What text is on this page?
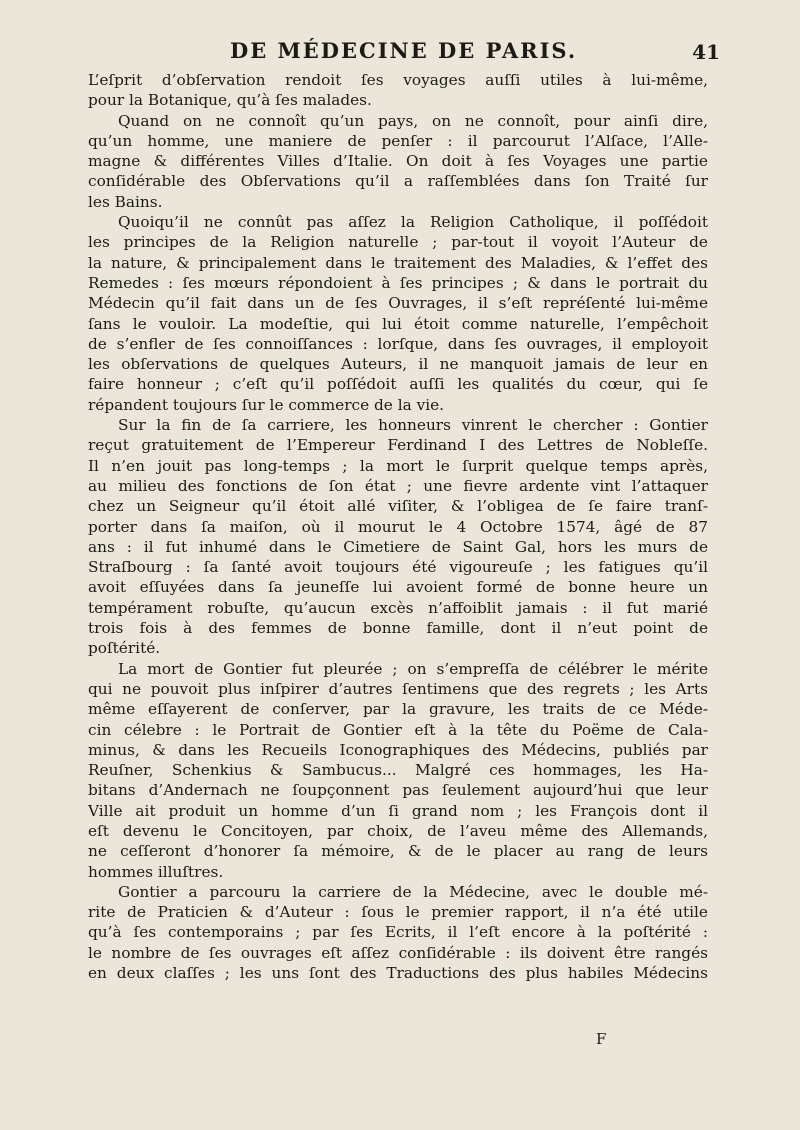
DE MÉDECINE DE PARIS.	41
L’eſprit d’obſervation rendoit ſes voyages auſſi utiles à lui-même,
pour la Botanique, qu’à ſes malades.
Quand on ne connoît qu’un pays, on ne connoît, pour ainſi dire,
qu’un homme, une maniere de penſer : il parcourut l’Alſace, l’Alle-
magne & différentes Villes d’Italie. On doit à ſes Voyages une partie
conſidérable des Obſervations qu’il a raſſemblées dans ſon Traité ſur
les Bains.
Quoiqu’il ne connût pas aſſez la Religion Catholique, il poſſédoit
les principes de la Religion naturelle ; par-tout il voyoit l’Auteur de
la nature, & principalement dans le traitement des Maladies, & l’effet des
Remedes : ſes mœurs répondoient à ſes principes ; & dans le portrait du
Médecin qu’il fait dans un de ſes Ouvrages, il s’eſt repréſenté lui-même
ſans le vouloir. La modeſtie, qui lui étoit comme naturelle, l’empêchoit
de s’enfler de ſes connoiſſances : lorſque, dans ſes ouvrages, il employoit
les obſervations de quelques Auteurs, il ne manquoit jamais de leur en
faire honneur ; c’eſt qu’il poſſédoit auſſi les qualités du cœur, qui ſe
répandent toujours ſur le commerce de la vie.
Sur la fin de ſa carriere, les honneurs vinrent le chercher : Gontier
reçut gratuitement de l’Empereur Ferdinand I des Lettres de Nobleſſe.
Il n’en jouit pas long-temps ; la mort le ſurprit quelque temps après,
au milieu des fonctions de ſon état ; une fievre ardente vint l’attaquer
chez un Seigneur qu’il étoit allé viſiter, & l’obligea de ſe faire tranſ-
porter dans ſa maiſon, où il mourut le 4 Octobre 1574, âgé de 87
ans : il fut inhumé dans le Cimetiere de Saint Gal, hors les murs de
Straſbourg : ſa ſanté avoit toujours été vigoureuſe ; les fatigues qu’il
avoit eſſuyées dans ſa jeuneſſe lui avoient formé de bonne heure un
tempérament robuſte, qu’aucun excès n’affoiblit jamais : il fut marié
trois fois à des femmes de bonne famille, dont il n’eut point de
poſtérité.
La mort de Gontier fut pleurée ; on s’empreſſa de célébrer le mérite
qui ne pouvoit plus inſpirer d’autres ſentimens que des regrets ; les Arts
même eſſayerent de conſerver, par la gravure, les traits de ce Méde-
cin célebre : le Portrait de Gontier eſt à la tête du Poëme de Cala-
minus, & dans les Recueils Iconographiques des Médecins, publiés par
Reuſner, Schenkius & Sambucus... Malgré ces hommages, les Ha-
bitans d’Andernach ne ſoupçonnent pas ſeulement aujourd’hui que leur
Ville ait produit un homme d’un ſi grand nom ; les François dont il
eſt devenu le Concitoyen, par choix, de l’aveu même des Allemands,
ne ceſſeront d’honorer ſa mémoire, & de le placer au rang de leurs
hommes illuſtres.
Gontier a parcouru la carriere de la Médecine, avec le double mé-
rite de Praticien & d’Auteur : ſous le premier rapport, il n’a été utile
qu’à ſes contemporains ; par ſes Ecrits, il l’eſt encore à la poſtérité :
le nombre de ſes ouvrages eſt aſſez conſidérable : ils doivent être rangés
en deux claſſes ; les uns ſont des Traductions des plus habiles Médecins
F
